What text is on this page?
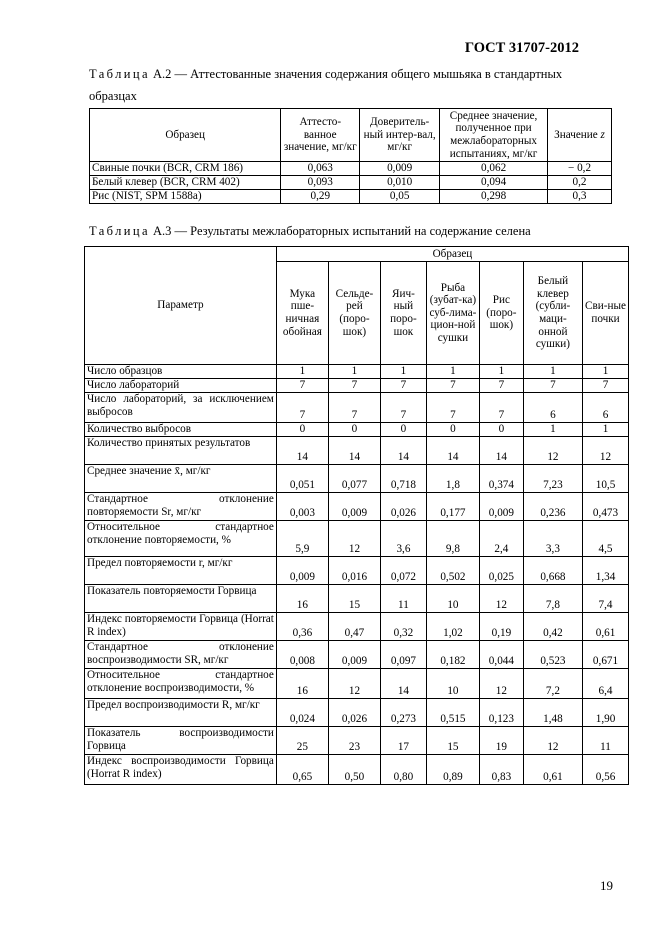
ГОСТ 31707-2012
Таблица А.2 — Аттестованные значения содержания общего мышьяка в стандартных образцах
Образец	Аттесто-ванное значение, мг/кг	Доверитель-ный интер-вал, мг/кг	Среднее значение, полученное при межлабораторных испытаниях, мг/кг	Значение z
Свиные почки (BCR, CRM 186)	0,063	0,009	0,062	− 0,2
Белый клевер (BCR, CRM 402)	0,093	0,010	0,094	0,2
Рис (NIST, SPM 1588a)	0,29	0,05	0,298	0,3
Таблица А.3 — Результаты межлабораторных испытаний на содержание селена
Параметр	Образец						
	Мука пше-ничная обойная	Сельде-рей (поро-шок)	Яич-ный поро-шок	Рыба (зубат-ка) суб-лима-цион-ной сушки	Рис (поро-шок)	Белый клевер (субли-маци-онной сушки)	Сви-ные почки
Число образцов	1	1	1	1	1	1	1
Число лабораторий	7	7	7	7	7	7	7
Число лабораторий, за исключением выбросов	7	7	7	7	7	6	6
Количество выбросов	0	0	0	0	0	1	1
Количество принятых результатов	14	14	14	14	14	12	12
Среднее значение x̄, мг/кг	0,051	0,077	0,718	1,8	0,374	7,23	10,5
Стандартное отклонение повторяемости Sr, мг/кг	0,003	0,009	0,026	0,177	0,009	0,236	0,473
Относительное стандартное отклонение повторяемости, %	5,9	12	3,6	9,8	2,4	3,3	4,5
Предел повторяемости r, мг/кг	0,009	0,016	0,072	0,502	0,025	0,668	1,34
Показатель повторяемости Горвица	16	15	11	10	12	7,8	7,4
Индекс повторяемости Горвица (Horrat R index)	0,36	0,47	0,32	1,02	0,19	0,42	0,61
Стандартное отклонение воспроизводимости SR, мг/кг	0,008	0,009	0,097	0,182	0,044	0,523	0,671
Относительное стандартное отклонение воспроизводимости, %	16	12	14	10	12	7,2	6,4
Предел воспроизводимости R, мг/кг	0,024	0,026	0,273	0,515	0,123	1,48	1,90
Показатель воспроизводимости Горвица	25	23	17	15	19	12	11
Индекс воспроизводимости Горвица (Horrat R index)	0,65	0,50	0,80	0,89	0,83	0,61	0,56
19
